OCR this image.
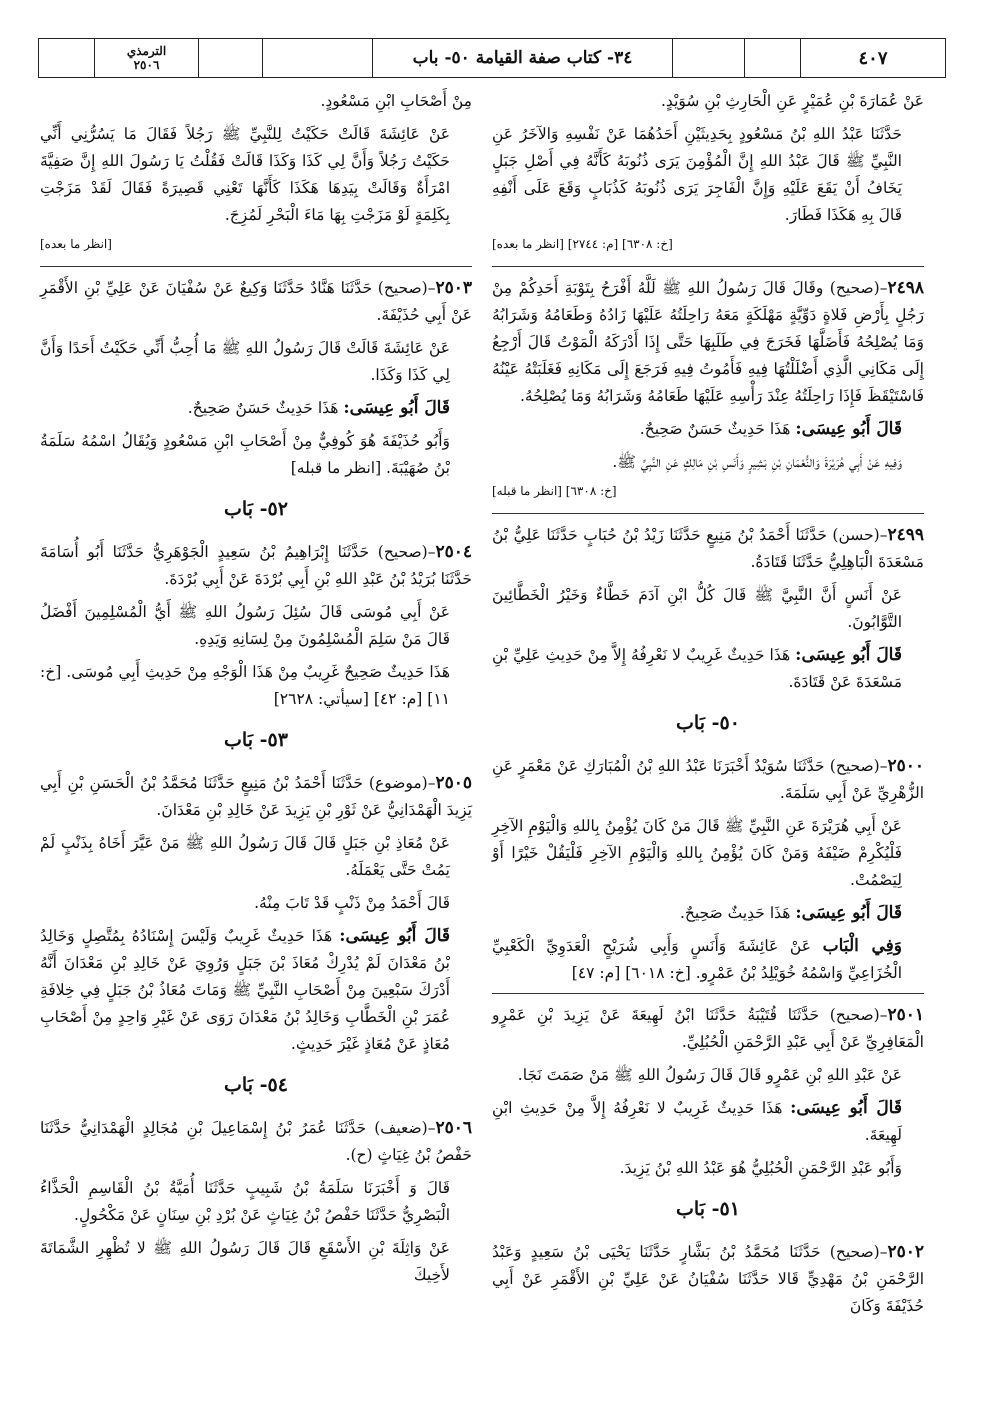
الترمذي
٢٥٠٦	٣٤- كتاب صفة القيامة ٥٠- باب	٤٠٧

عَنْ عُمَارَةَ بْنِ عُمَيْرٍ عَنِ الْحَارِثِ بْنِ سُوَيْدٍ.

حَدَّثَنَا عَبْدُ اللهِ بْنُ مَسْعُودٍ بِحَدِيثَيْنِ أَحَدُهُمَا عَنْ نَفْسِهِ وَالآخَرُ عَنِ النَّبِيِّ ﷺ قَالَ عَبْدُ اللهِ إِنَّ الْمُؤْمِنَ يَرَى ذُنُوبَهُ كَأَنَّهُ فِي أَصْلِ جَبَلٍ يَخَافُ أَنْ يَقَعَ عَلَيْهِ وَإِنَّ الْفَاجِرَ يَرَى ذُنُوبَهُ كَذُبَابٍ وَقَعَ عَلَى أَنْفِهِ قَالَ بِهِ هَكَذَا فَطَارَ.

[خ: ٦٣٠٨] [م: ٢٧٤٤] [انظر ما بعده]

٢٤٩٨–(صحيح) وقَالَ قَالَ رَسُولُ اللهِ ﷺ لَلَّهُ أَفْرَحُ بِتَوْبَةِ أَحَدِكُمْ مِنْ رَجُلٍ بِأَرْضِ فَلاةٍ دَوِّيَّةٍ مَهْلَكَةٍ مَعَهُ رَاحِلَتُهُ عَلَيْهَا زَادُهُ وَطَعَامُهُ وَشَرَابُهُ وَمَا يُصْلِحُهُ فَأَضَلَّهَا فَخَرَجَ فِي طَلَبِهَا حَتَّى إِذَا أَدْرَكَهُ الْمَوْتُ قَالَ أَرْجِعُ إِلَى مَكَانِي الَّذِي أَضْلَلْتُهَا فِيهِ فَأَمُوتُ فِيهِ فَرَجَعَ إِلَى مَكَانِهِ فَغَلَبَتْهُ عَيْنُهُ فَاسْتَيْقَظَ فَإِذَا رَاحِلَتُهُ عِنْدَ رَأْسِهِ عَلَيْهَا طَعَامُهُ وَشَرَابُهُ وَمَا يُصْلِحُهُ.

قَالَ أَبُو عِيسَى: هَذَا حَدِيثٌ حَسَنٌ صَحِيحٌ.

وَفِيهِ عَنْ أَبِي هُرَيْرَةَ وَالنُّعْمَانِ بْنِ بَشِيرٍ وَأَنَسِ بْنِ مَالِكٍ عَنِ النَّبِيِّ ﷺ.

[خ: ٦٣٠٨] [انظر ما قبله]

٢٤٩٩–(حسن) حَدَّثَنَا أَحْمَدُ بْنُ مَنِيعٍ حَدَّثَنَا زَيْدُ بْنُ حُبَابٍ حَدَّثَنَا عَلِيُّ بْنُ مَسْعَدَةَ الْبَاهِلِيُّ حَدَّثَنَا قَتَادَةُ.

عَنْ أَنَسٍ أَنَّ النَّبِيَّ ﷺ قَالَ كُلُّ ابْنِ آدَمَ خَطَّاءٌ وَخَيْرُ الْخَطَّائِينَ التَّوَّابُونَ.

قَالَ أَبُو عِيسَى: هَذَا حَدِيثٌ غَرِيبٌ لا نَعْرِفُهُ إِلاَّ مِنْ حَدِيثِ عَلِيِّ بْنِ مَسْعَدَةَ عَنْ قَتَادَةَ.

٥٠- بَاب

٢٥٠٠–(صحيح) حَدَّثَنَا سُوَيْدٌ أَخْبَرَنَا عَبْدُ اللهِ بْنُ الْمُبَارَكِ عَنْ مَعْمَرٍ عَنِ الزُّهْرِيِّ عَنْ أَبِي سَلَمَةَ.

عَنْ أَبِي هُرَيْرَةَ عَنِ النَّبِيِّ ﷺ قَالَ مَنْ كَانَ يُؤْمِنُ بِاللهِ وَالْيَوْمِ الآخِرِ فَلْيُكْرِمْ ضَيْفَهُ وَمَنْ كَانَ يُؤْمِنُ بِاللهِ وَالْيَوْمِ الآخِرِ فَلْيَقُلْ خَيْرًا أَوْ لِيَصْمُتْ.

قَالَ أَبُو عِيسَى: هَذَا حَدِيثٌ صَحِيحٌ.

وَفِي الْبَاب عَنْ عَائِشَةَ وَأَنَسٍ وَأَبِي شُرَيْحٍ الْعَدَوِيِّ الْكَعْبِيِّ الْخُزَاعِيِّ وَاسْمُهُ خُوَيْلِدُ بْنُ عَمْرٍو. [خ: ٦٠١٨] [م: ٤٧]

٢٥٠١–(صحيح) حَدَّثَنَا قُتَيْبَةُ حَدَّثَنَا ابْنُ لَهِيعَةَ عَنْ يَزِيدَ بْنِ عَمْرٍو الْمَعَافِرِيِّ عَنْ أَبِي عَبْدِ الرَّحْمَنِ الْحُبُلِيِّ.

عَنْ عَبْدِ اللهِ بْنِ عَمْرٍو قَالَ قَالَ رَسُولُ اللهِ ﷺ مَنْ صَمَتَ نَجَا.

قَالَ أَبُو عِيسَى: هَذَا حَدِيثٌ غَرِيبٌ لا نَعْرِفُهُ إِلاَّ مِنْ حَدِيثِ ابْنِ لَهِيعَةَ.

وَأَبُو عَبْدِ الرَّحْمَنِ الْحُبُلِيُّ هُوَ عَبْدُ اللهِ بْنُ يَزِيدَ.

٥١- بَاب

٢٥٠٢–(صحيح) حَدَّثَنَا مُحَمَّدُ بْنُ بَشَّارٍ حَدَّثَنَا يَحْيَى بْنُ سَعِيدٍ وَعَبْدُ الرَّحْمَنِ بْنُ مَهْدِيٍّ قَالا حَدَّثَنَا سُفْيَانُ عَنْ عَلِيِّ بْنِ الأَقْمَرِ عَنْ أَبِي حُذَيْفَةَ وَكَانَ

مِنْ أَصْحَابِ ابْنِ مَسْعُودٍ.

عَنْ عَائِشَةَ قَالَتْ حَكَيْتُ لِلنَّبِيِّ ﷺ رَجُلاً فَقَالَ مَا يَسُرُّنِي أَنِّي حَكَيْتُ رَجُلاً وَأَنَّ لِي كَذَا وَكَذَا قَالَتْ فَقُلْتُ يَا رَسُولَ اللهِ إِنَّ صَفِيَّةَ امْرَأَةٌ وَقَالَتْ بِيَدِهَا هَكَذَا كَأَنَّهَا تَعْنِي قَصِيرَةً فَقَالَ لَقَدْ مَزَجْتِ بِكَلِمَةٍ لَوْ مَزَجْتِ بِهَا مَاءَ الْبَحْرِ لَمُزِجَ.

[انظر ما بعده]

٢٥٠٣–(صحيح) حَدَّثَنَا هَنَّادٌ حَدَّثَنَا وَكِيعٌ عَنْ سُفْيَانَ عَنْ عَلِيِّ بْنِ الأَقْمَرِ عَنْ أَبِي حُذَيْفَةَ.

عَنْ عَائِشَةَ قَالَتْ قَالَ رَسُولُ اللهِ ﷺ مَا أُحِبُّ أَنِّي حَكَيْتُ أَحَدًا وَأَنَّ لِي كَذَا وَكَذَا.

قَالَ أَبُو عِيسَى: هَذَا حَدِيثٌ حَسَنٌ صَحِيحٌ.

وَأَبُو حُذَيْفَةَ هُوَ كُوفِيٌّ مِنْ أَصْحَابِ ابْنِ مَسْعُودٍ وَيُقَالُ اسْمُهُ سَلَمَةُ بْنُ صُهَيْبَةَ. [انظر ما قبله]

٥٢- بَاب

٢٥٠٤–(صحيح) حَدَّثَنَا إِبْرَاهِيمُ بْنُ سَعِيدٍ الْجَوْهَرِيُّ حَدَّثَنَا أَبُو أُسَامَةَ حَدَّثَنَا بُرَيْدُ بْنُ عَبْدِ اللهِ بْنِ أَبِي بُرْدَةَ عَنْ أَبِي بُرْدَةَ.

عَنْ أَبِي مُوسَى قَالَ سُئِلَ رَسُولُ اللهِ ﷺ أَيُّ الْمُسْلِمِينَ أَفْضَلُ قَالَ مَنْ سَلِمَ الْمُسْلِمُونَ مِنْ لِسَانِهِ وَيَدِهِ.

هَذَا حَدِيثٌ صَحِيحٌ غَرِيبٌ مِنْ هَذَا الْوَجْهِ مِنْ حَدِيثِ أَبِي مُوسَى. [خ: ١١] [م: ٤٢] [سيأتي: ٢٦٢٨]

٥٣- بَاب

٢٥٠٥–(موضوع) حَدَّثَنَا أَحْمَدُ بْنُ مَنِيعٍ حَدَّثَنَا مُحَمَّدُ بْنُ الْحَسَنِ بْنِ أَبِي يَزِيدَ الْهَمْدَانِيُّ عَنْ ثَوْرِ بْنِ يَزِيدَ عَنْ خَالِدِ بْنِ مَعْدَانَ.

عَنْ مُعَاذِ بْنِ جَبَلٍ قَالَ قَالَ رَسُولُ اللهِ ﷺ مَنْ عَيَّرَ أَخَاهُ بِذَنْبٍ لَمْ يَمُتْ حَتَّى يَعْمَلَهُ.

قَالَ أَحْمَدُ مِنْ ذَنْبٍ قَدْ تَابَ مِنْهُ.

قَالَ أَبُو عِيسَى: هَذَا حَدِيثٌ غَرِيبٌ وَلَيْسَ إِسْنَادُهُ بِمُتَّصِلٍ وَخَالِدُ بْنُ مَعْدَانَ لَمْ يُدْرِكْ مُعَاذَ بْنَ جَبَلٍ وَرُوِيَ عَنْ خَالِدِ بْنِ مَعْدَانَ أَنَّهُ أَدْرَكَ سَبْعِينَ مِنْ أَصْحَابِ النَّبِيِّ ﷺ وَمَاتَ مُعَاذُ بْنُ جَبَلٍ فِي خِلافَةِ عُمَرَ بْنِ الْخَطَّابِ وَخَالِدُ بْنُ مَعْدَانَ رَوَى عَنْ غَيْرِ وَاحِدٍ مِنْ أَصْحَابِ مُعَاذٍ عَنْ مُعَاذٍ غَيْرَ حَدِيثٍ.

٥٤- بَاب

٢٥٠٦–(ضعيف) حَدَّثَنَا عُمَرُ بْنُ إِسْمَاعِيلَ بْنِ مُجَالِدٍ الْهَمْدَانِيُّ حَدَّثَنَا حَفْصُ بْنُ غِيَاثٍ (ح).

قَالَ وَ أَخْبَرَنَا سَلَمَةُ بْنُ شَبِيبٍ حَدَّثَنَا أُمَيَّةُ بْنُ الْقَاسِمِ الْحَذَّاءُ الْبَصْرِيُّ حَدَّثَنَا حَفْصُ بْنُ غِيَاثٍ عَنْ بُرْدِ بْنِ سِنَانٍ عَنْ مَكْحُولٍ.

عَنْ وَاثِلَةَ بْنِ الأَسْقَعِ قَالَ قَالَ رَسُولُ اللهِ ﷺ لا تُظْهِرِ الشَّمَاتَةَ لأَخِيكَ
